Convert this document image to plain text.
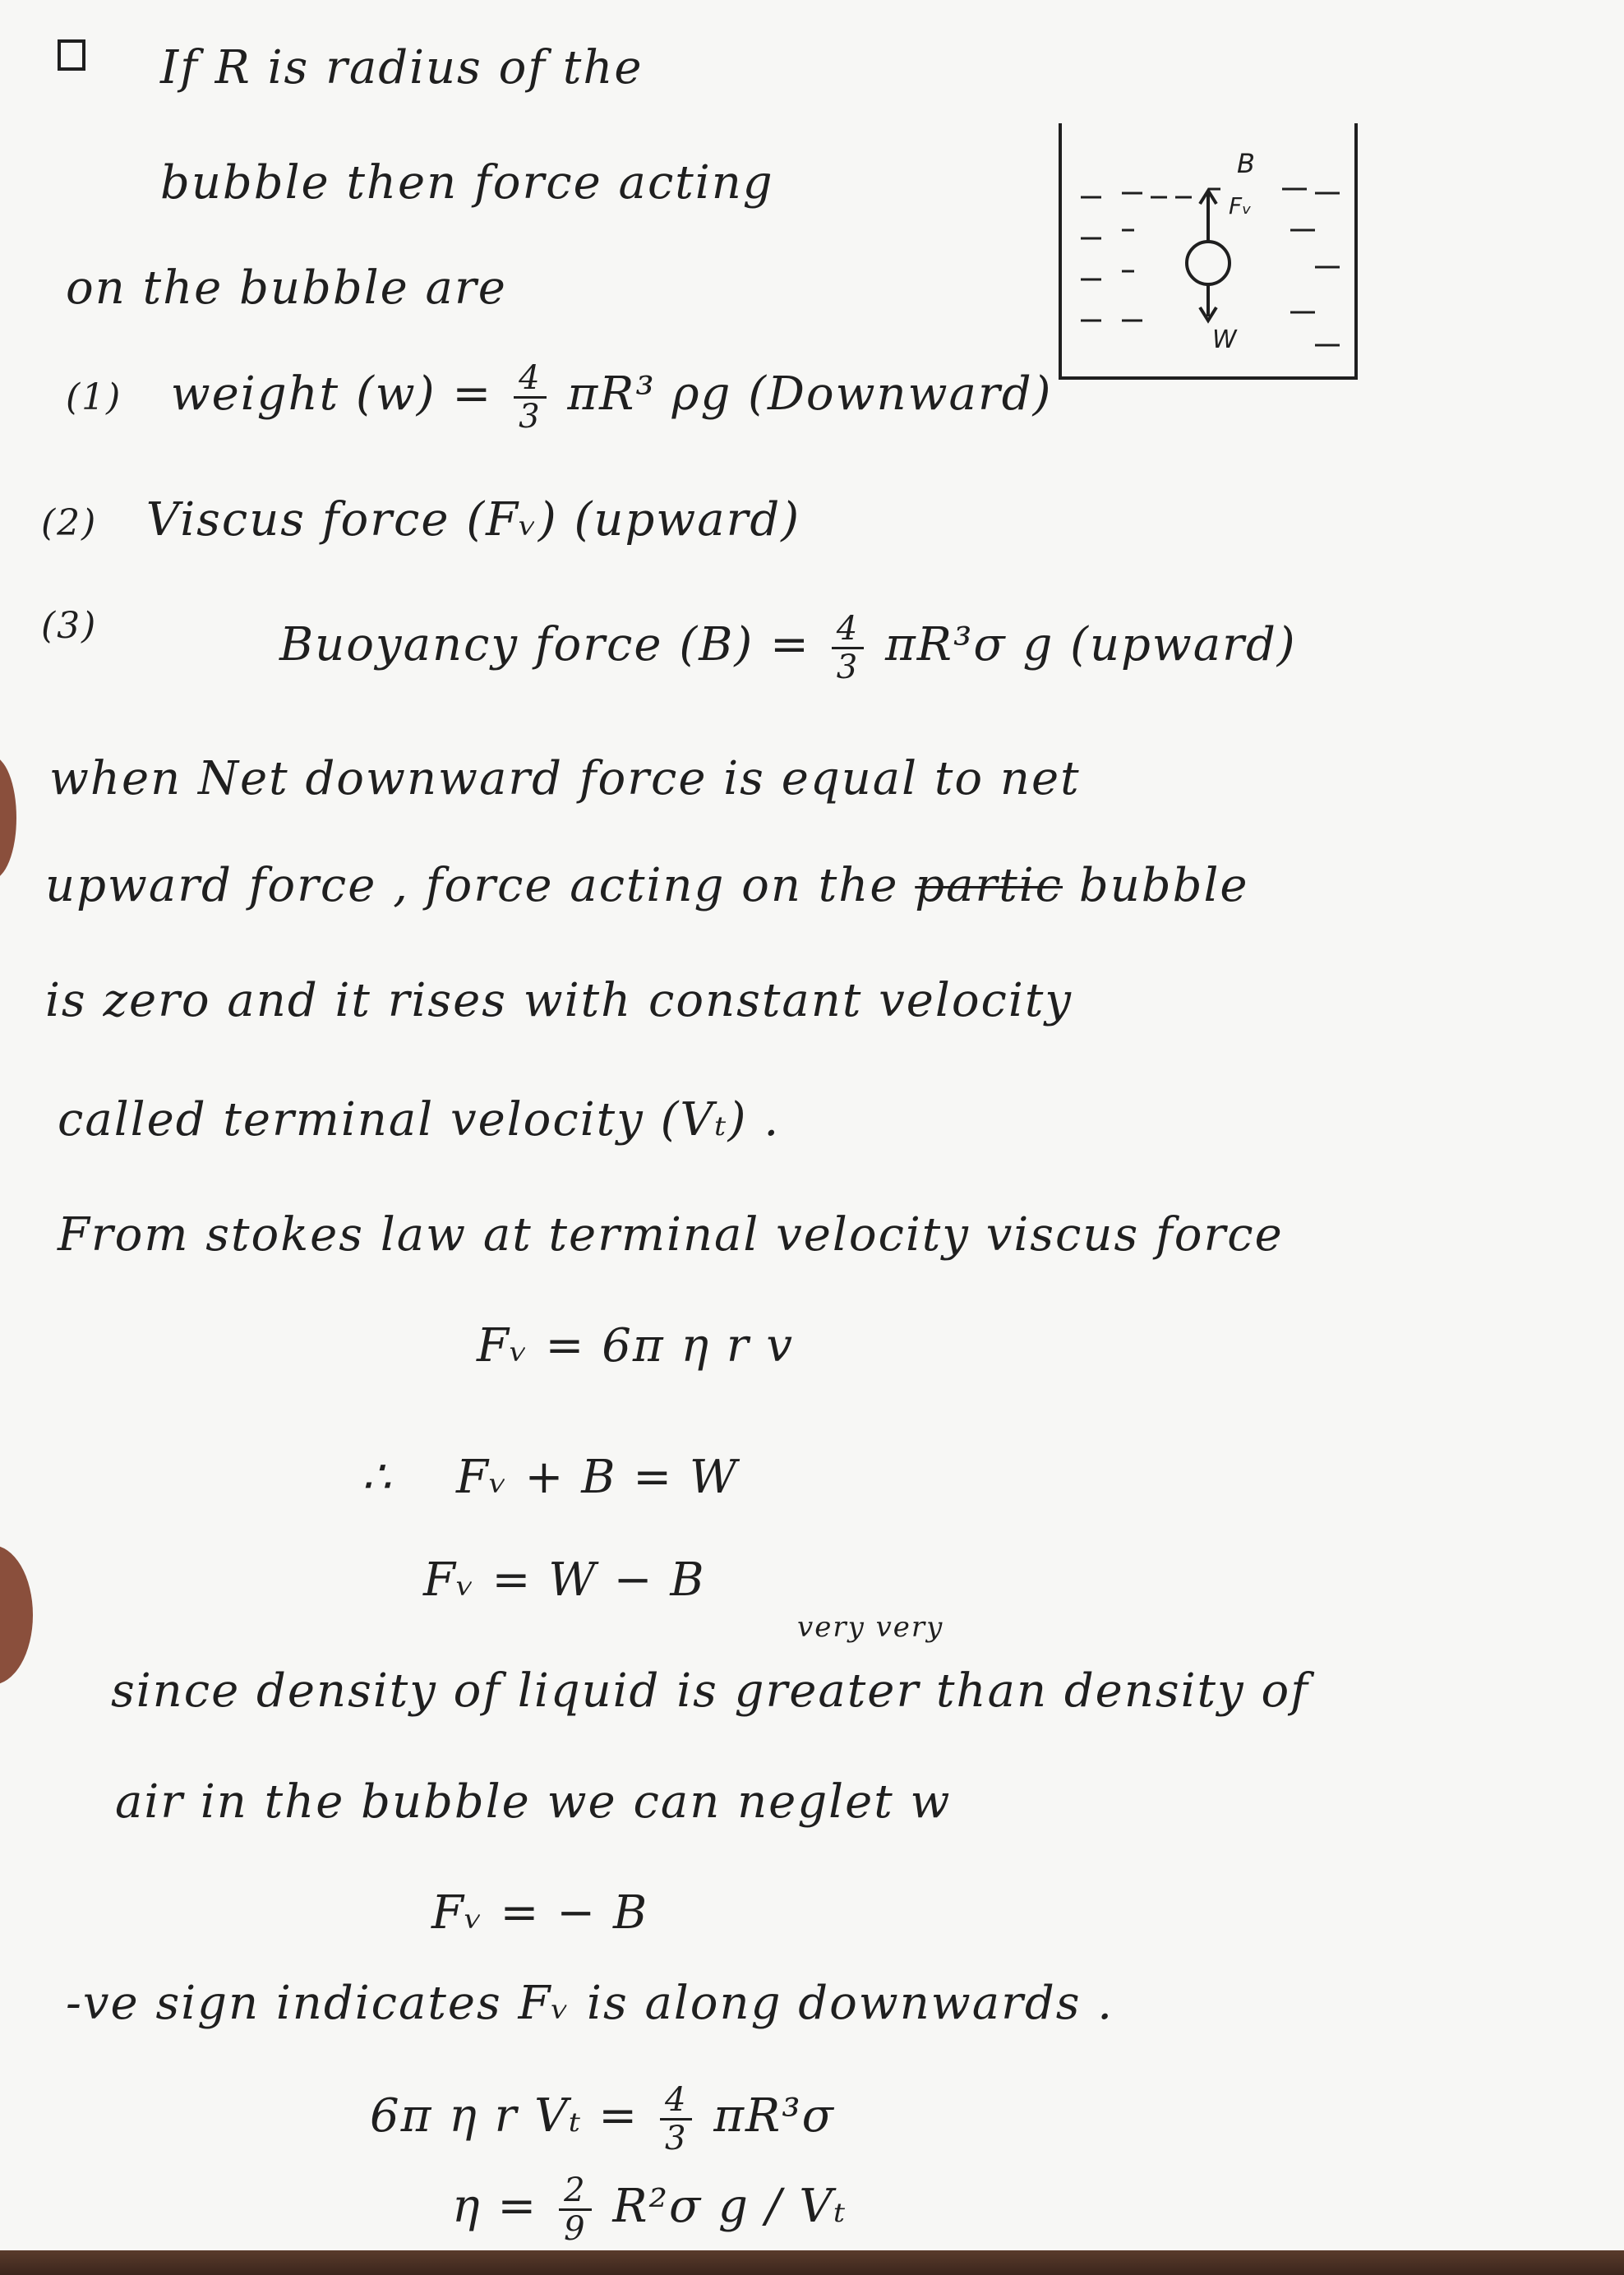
If R is radius of the
bubble then force acting
on the bubble are
(1) weight $(w) = \frac{4}{3} \pi R^3$ ρg (Downward)
(2) Viscus force (Fᵥ) (upward)
(3)	Buoyancy force $(B) = \frac{4}{3} \pi R^3\sigma$ g (upward)
when Net downward force is equal to net
upward force , force acting on the partic bubble
is zero and it rises with constant velocity
called terminal velocity (Vₜ) .
From stokes law at terminal velocity viscus force
Fᵥ = 6π η r v
∴ Fᵥ + B = W
Fᵥ = W − B
very very
since density of liquid is greater than density of
air in the bubble we can neglet w
Fᵥ = − B
-ve sign indicates Fᵥ is along downwards .
6π η r $V_t = \frac{4}{3} \pi R^3\sigma$
$\eta = \frac{2}{9} R^2\sigma$ g / Vₜ
B
Fᵥ
W
